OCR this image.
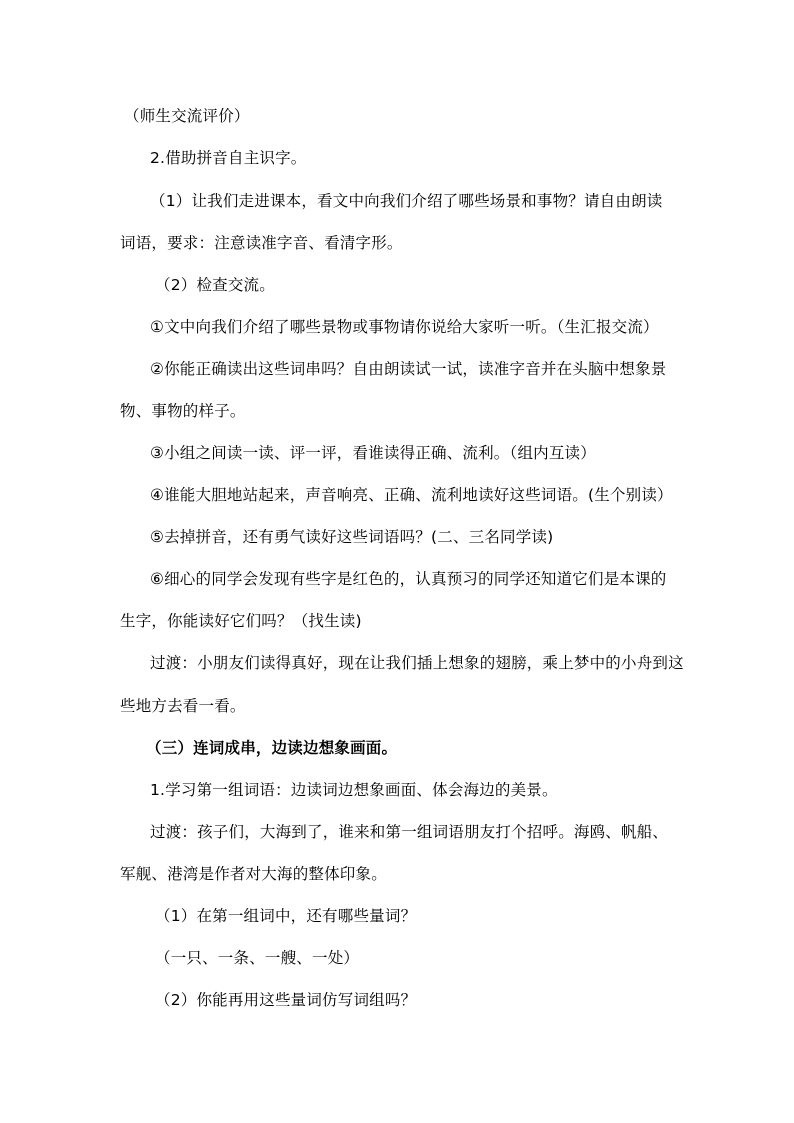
（师生交流评价）
2.借助拼音自主识字。
（1）让我们走进课本，看文中向我们介绍了哪些场景和事物？请自由朗读
词语，要求：注意读准字音、看清字形。
（2）检查交流。
①文中向我们介绍了哪些景物或事物请你说给大家听一听。（生汇报交流）
②你能正确读出这些词串吗？自由朗读试一试，读准字音并在头脑中想象景
物、事物的样子。
③小组之间读一读、评一评，看谁读得正确、流利。（组内互读）
④谁能大胆地站起来，声音响亮、正确、流利地读好这些词语。(生个别读）
⑤去掉拼音，还有勇气读好这些词语吗？(二、三名同学读)
⑥细心的同学会发现有些字是红色的，认真预习的同学还知道它们是本课的
生字，你能读好它们吗？（找生读)
过渡：小朋友们读得真好，现在让我们插上想象的翅膀，乘上梦中的小舟到这
些地方去看一看。
（三）连词成串，边读边想象画面。
1.学习第一组词语：边读词边想象画面、体会海边的美景。
过渡：孩子们，大海到了，谁来和第一组词语朋友打个招呼。海鸥、帆船、
军舰、港湾是作者对大海的整体印象。
（1）在第一组词中，还有哪些量词？
（一只、一条、一艘、一处）
（2）你能再用这些量词仿写词组吗？
